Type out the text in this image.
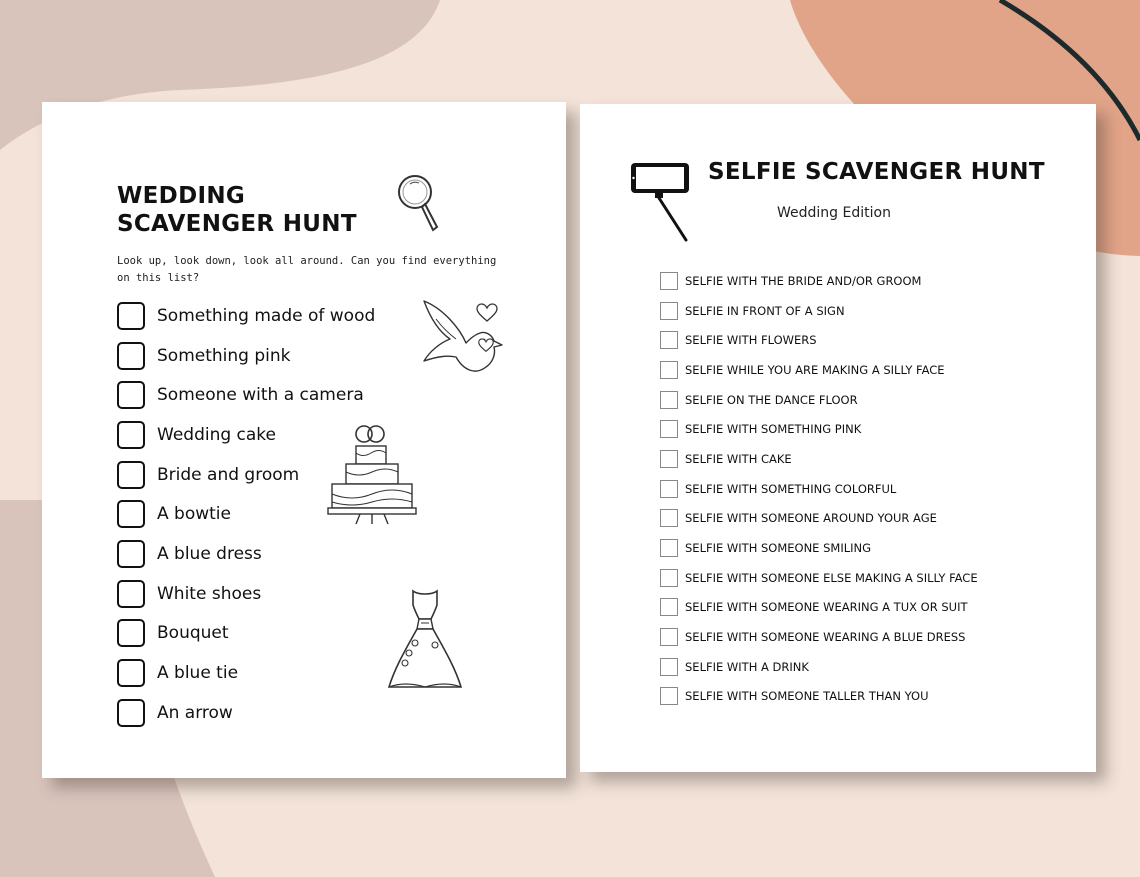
WEDDING
SCAVENGER HUNT

Look up, look down, look all around. Can you find everything on this list?

Something made of wood
Something pink
Someone with a camera
Wedding cake
Bride and groom
A bowtie
A blue dress
White shoes
Bouquet
A blue tie
An arrow
SELFIE SCAVENGER HUNT

Wedding Edition

SELFIE WITH THE BRIDE AND/OR GROOM
SELFIE IN FRONT OF A SIGN
SELFIE WITH FLOWERS
SELFIE WHILE YOU ARE MAKING A SILLY FACE
SELFIE ON THE DANCE FLOOR
SELFIE WITH SOMETHING PINK
SELFIE WITH CAKE
SELFIE WITH SOMETHING COLORFUL
SELFIE WITH SOMEONE AROUND YOUR AGE
SELFIE WITH SOMEONE SMILING
SELFIE WITH SOMEONE ELSE MAKING A SILLY FACE
SELFIE WITH SOMEONE WEARING A TUX OR SUIT
SELFIE WITH SOMEONE WEARING A BLUE DRESS
SELFIE WITH A DRINK
SELFIE WITH SOMEONE TALLER THAN YOU
